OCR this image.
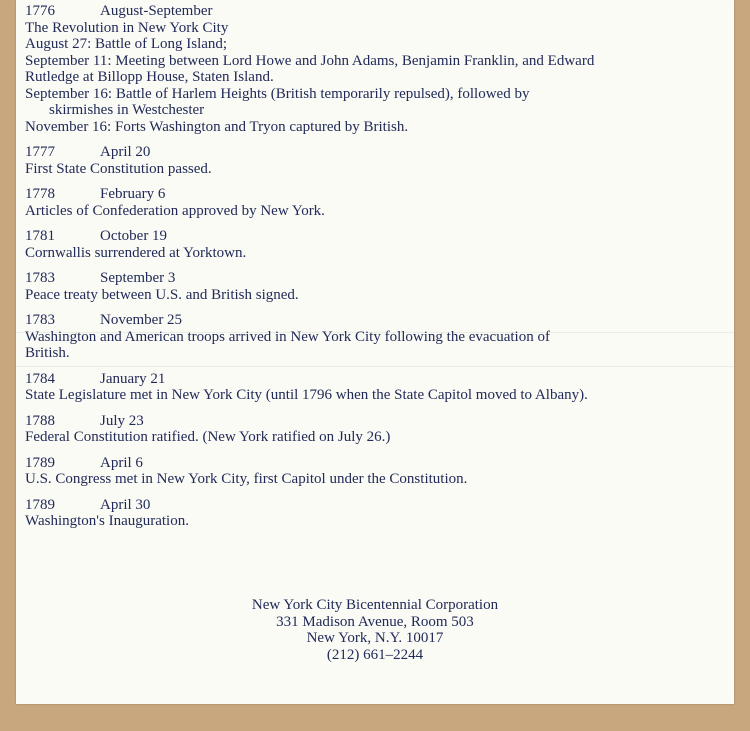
1776	August-September
The Revolution in New York City
August 27: Battle of Long Island;
September 11: Meeting between Lord Howe and John Adams, Benjamin Franklin, and Edward
Rutledge at Billopp House, Staten Island.
September 16: Battle of Harlem Heights (British temporarily repulsed), followed by
skirmishes in Westchester
November 16: Forts Washington and Tryon captured by British.
1777	April 20
First State Constitution passed.
1778	February 6
Articles of Confederation approved by New York.
1781	October 19
Cornwallis surrendered at Yorktown.
1783	September 3
Peace treaty between U.S. and British signed.
1783	November 25
Washington and American troops arrived in New York City following the evacuation of
British.
1784	January 21
State Legislature met in New York City (until 1796 when the State Capitol moved to Albany).
1788	July 23
Federal Constitution ratified. (New York ratified on July 26.)
1789	April 6
U.S. Congress met in New York City, first Capitol under the Constitution.
1789	April 30
Washington's Inauguration.
New York City Bicentennial Corporation
331 Madison Avenue, Room 503
New York, N.Y. 10017
(212) 661–2244
